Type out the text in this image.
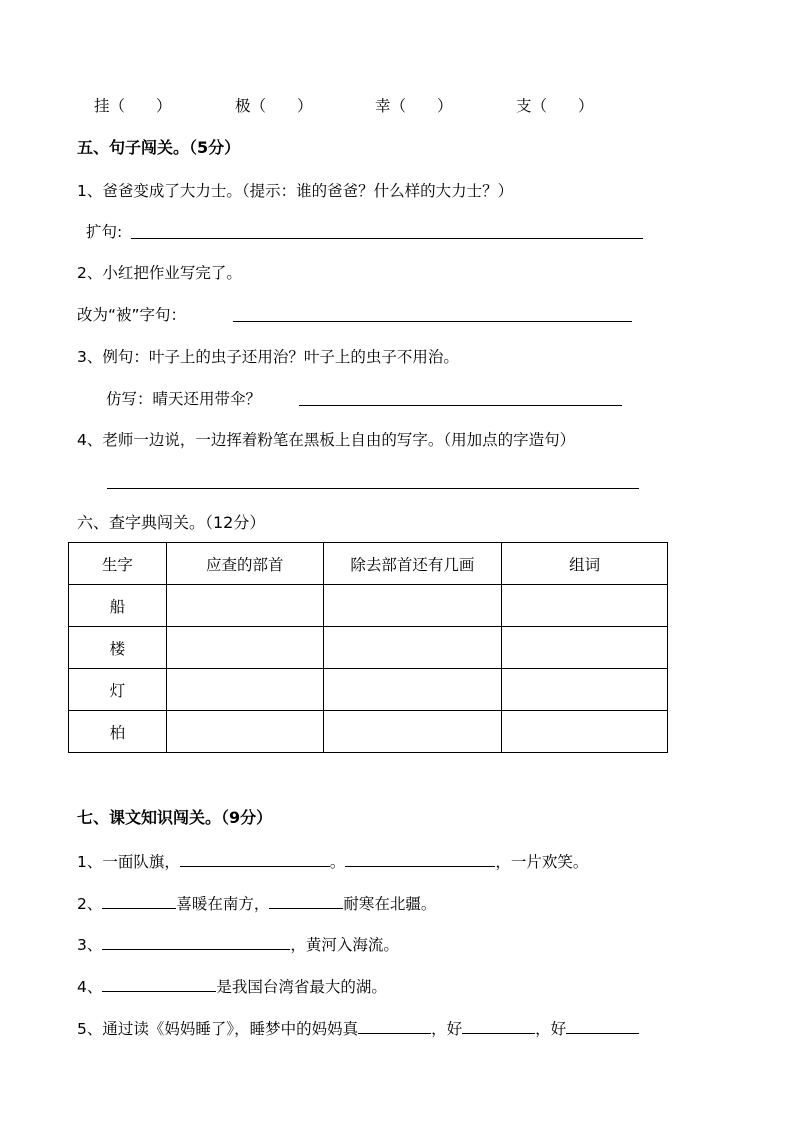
挂（　　）	极（　　）	幸（　　）	支（　　）
五、句子闯关。（5分）
1、爸爸变成了大力士。（提示：谁的爸爸？什么样的大力士？）
扩句:
2、小红把作业写完了。
改为“被”字句：
3、例句：叶子上的虫子还用治？叶子上的虫子不用治。
仿写：晴天还用带伞？
4、老师一边说，一边挥着粉笔在黑板上自由的写字。（用加点的字造句）
六、查字典闯关。（12分）
生字	应查的部首	除去部首还有几画	组词
船			
楼			
灯			
柏			
七、课文知识闯关。（9分）
1、一面队旗，	。	，一片欢笑。
2、	喜暖在南方，	耐寒在北疆。
3、	，黄河入海流。
4、	是我国台湾省最大的湖。
5、通过读《妈妈睡了》，睡梦中的妈妈真	，好	，好
